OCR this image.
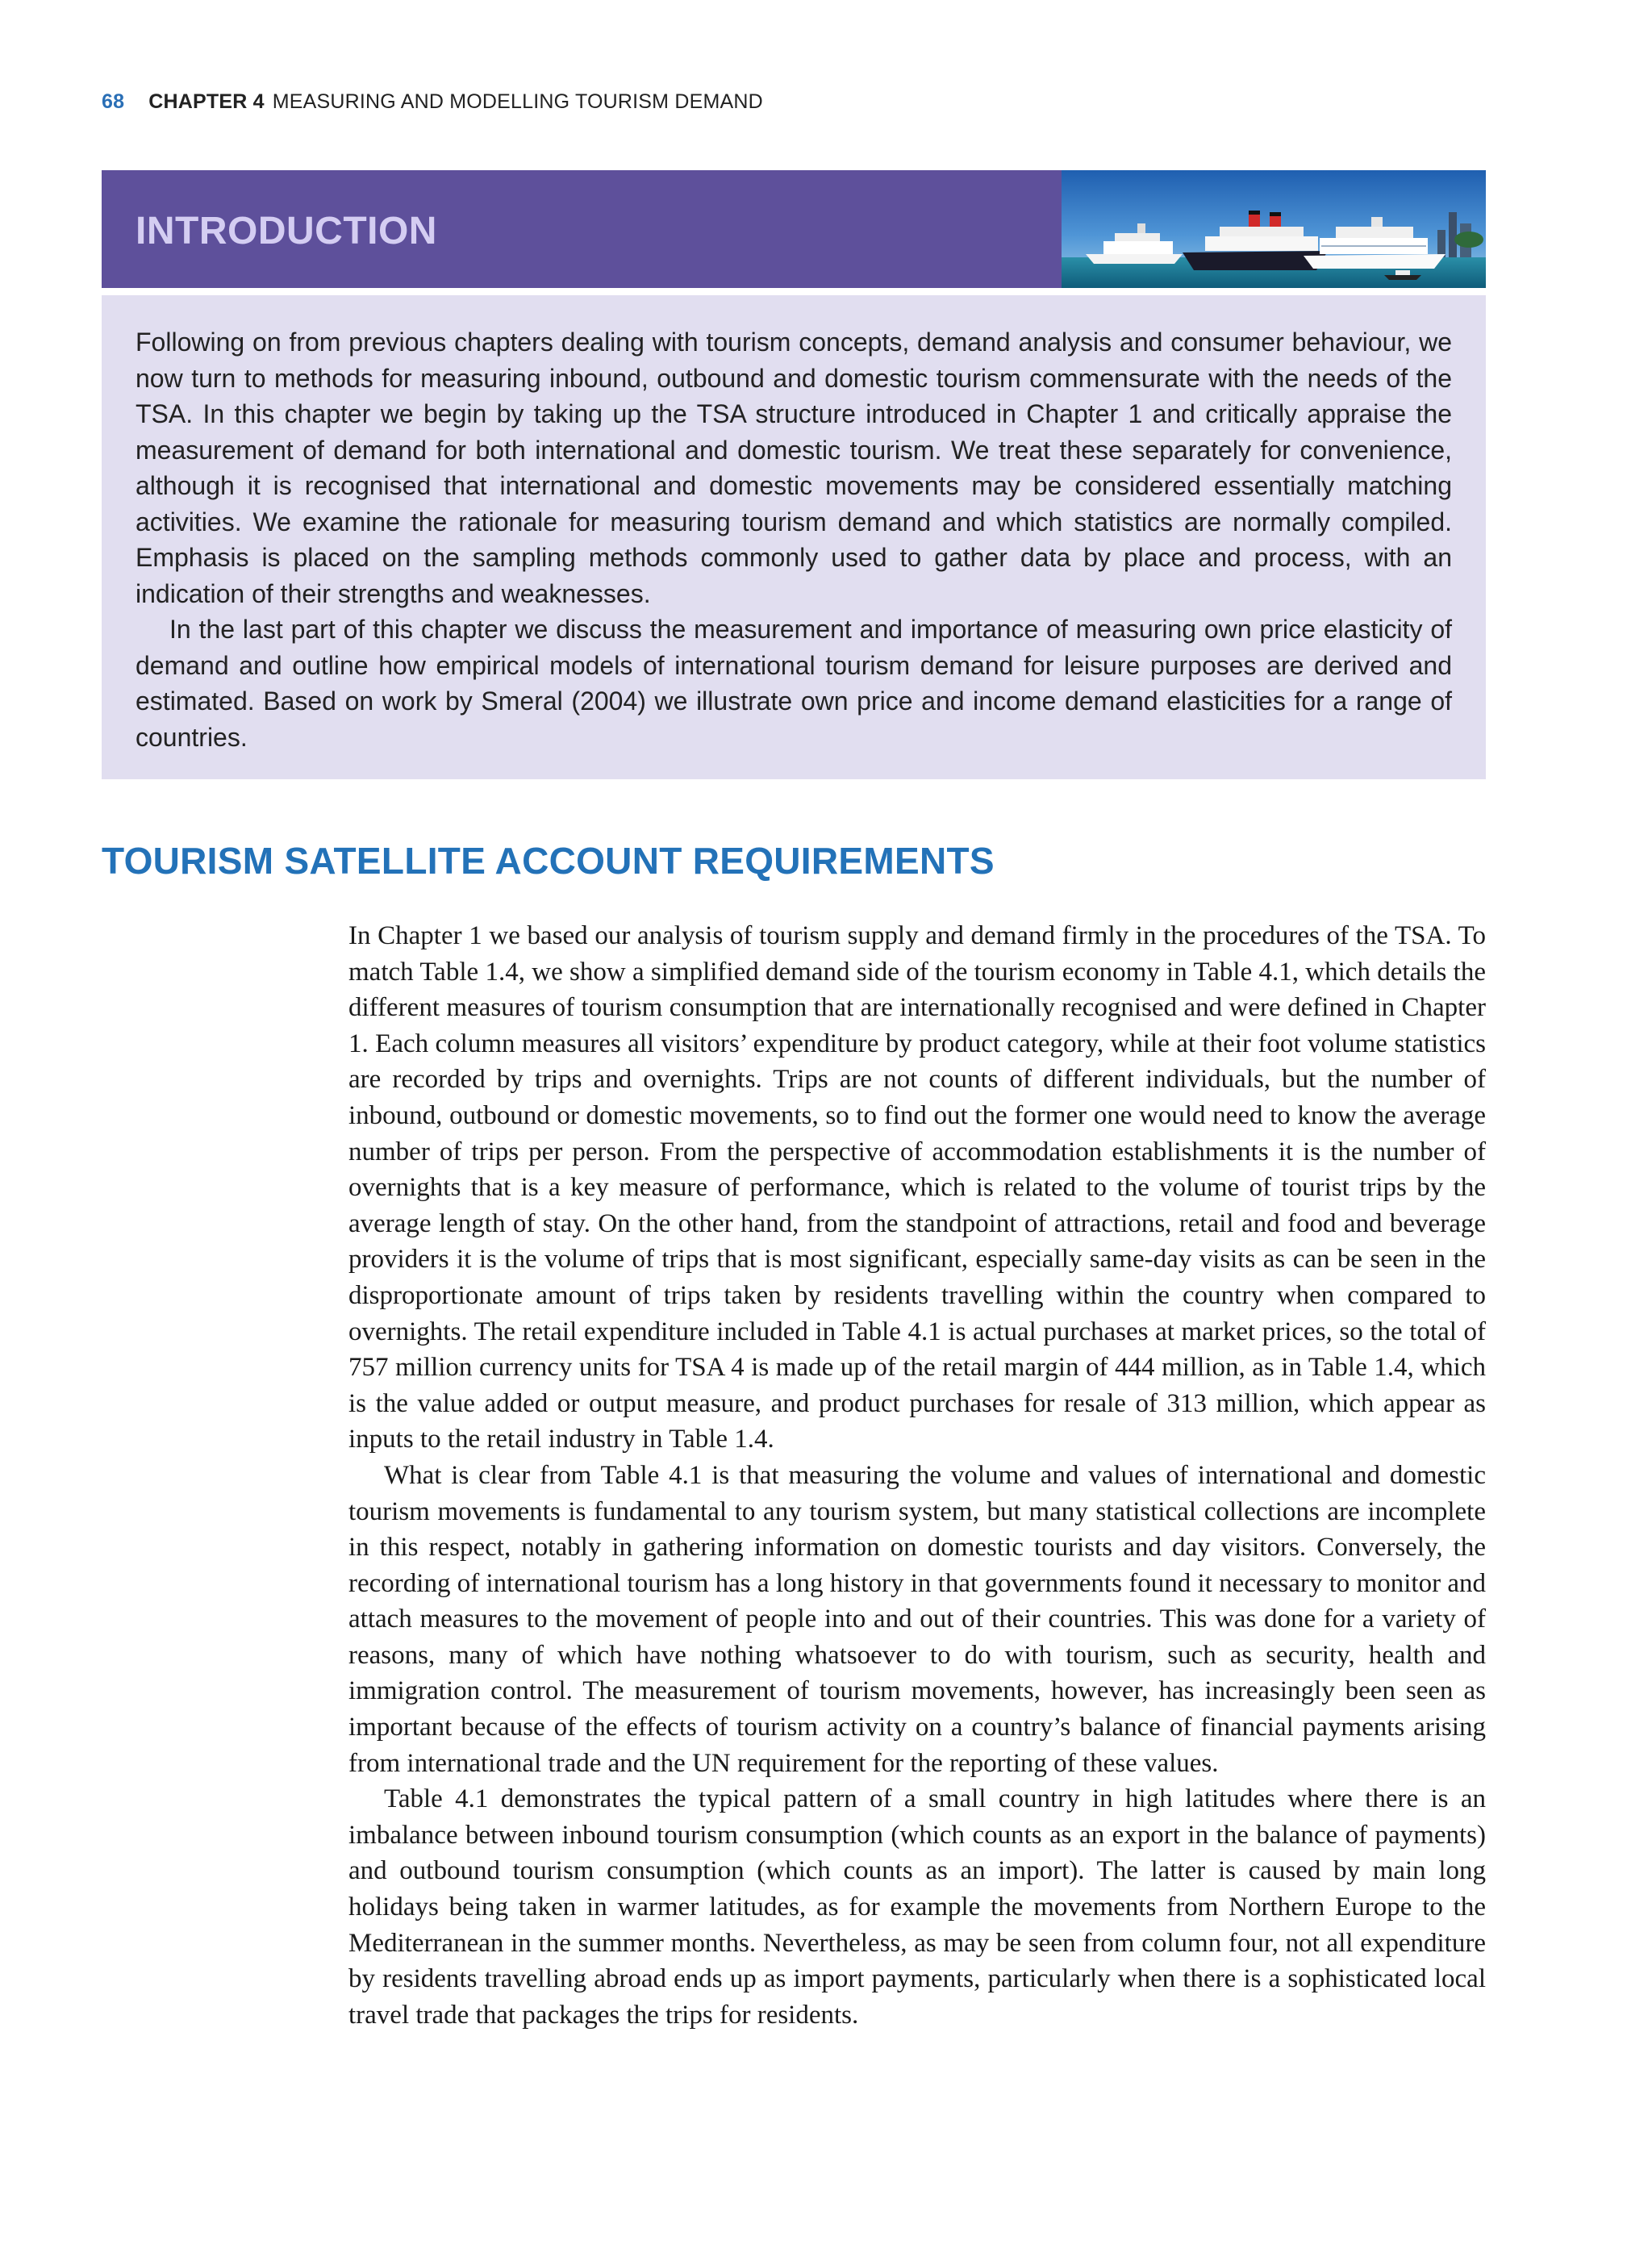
68 CHAPTER 4 MEASURING AND MODELLING TOURISM DEMAND
INTRODUCTION

Following on from previous chapters dealing with tourism concepts, demand analysis and consumer behaviour, we now turn to methods for measuring inbound, outbound and domestic tourism commensurate with the needs of the TSA. In this chapter we begin by taking up the TSA structure introduced in Chapter 1 and critically appraise the measurement of demand for both international and domestic tourism. We treat these separately for convenience, although it is recognised that international and domestic movements may be considered essentially matching activities. We examine the rationale for measuring tourism demand and which statistics are normally compiled. Emphasis is placed on the sampling methods commonly used to gather data by place and process, with an indication of their strengths and weaknesses.

In the last part of this chapter we discuss the measurement and importance of measuring own price elasticity of demand and outline how empirical models of international tourism demand for leisure purposes are derived and estimated. Based on work by Smeral (2004) we illustrate own price and income demand elasticities for a range of countries.

TOURISM SATELLITE ACCOUNT REQUIREMENTS

In Chapter 1 we based our analysis of tourism supply and demand firmly in the procedures of the TSA. To match Table 1.4, we show a simplified demand side of the tourism economy in Table 4.1, which details the different measures of tourism consumption that are internationally recognised and were defined in Chapter 1. Each column measures all visitors’ expenditure by product category, while at their foot volume statistics are recorded by trips and overnights. Trips are not counts of different individuals, but the number of inbound, outbound or domestic movements, so to find out the former one would need to know the average number of trips per person. From the perspective of accommodation establishments it is the number of overnights that is a key measure of performance, which is related to the volume of tourist trips by the average length of stay. On the other hand, from the standpoint of attractions, retail and food and beverage providers it is the volume of trips that is most significant, especially same-day visits as can be seen in the disproportionate amount of trips taken by residents travelling within the country when compared to overnights. The retail expenditure included in Table 4.1 is actual purchases at market prices, so the total of 757 million currency units for TSA 4 is made up of the retail margin of 444 million, as in Table 1.4, which is the value added or output measure, and product purchases for resale of 313 million, which appear as inputs to the retail industry in Table 1.4.

What is clear from Table 4.1 is that measuring the volume and values of international and domestic tourism movements is fundamental to any tourism system, but many statistical collections are incomplete in this respect, notably in gathering information on domestic tourists and day visitors. Conversely, the recording of international tourism has a long history in that governments found it necessary to monitor and attach measures to the movement of people into and out of their countries. This was done for a variety of reasons, many of which have nothing whatsoever to do with tourism, such as security, health and immigration control. The measurement of tourism movements, however, has increasingly been seen as important because of the effects of tourism activity on a country’s balance of financial payments arising from international trade and the UN requirement for the reporting of these values.

Table 4.1 demonstrates the typical pattern of a small country in high latitudes where there is an imbalance between inbound tourism consumption (which counts as an export in the balance of payments) and outbound tourism consumption (which counts as an import). The latter is caused by main long holidays being taken in warmer latitudes, as for example the movements from Northern Europe to the Mediterranean in the summer months. Nevertheless, as may be seen from column four, not all expenditure by residents travelling abroad ends up as import payments, particularly when there is a sophisticated local travel trade that packages the trips for residents.
